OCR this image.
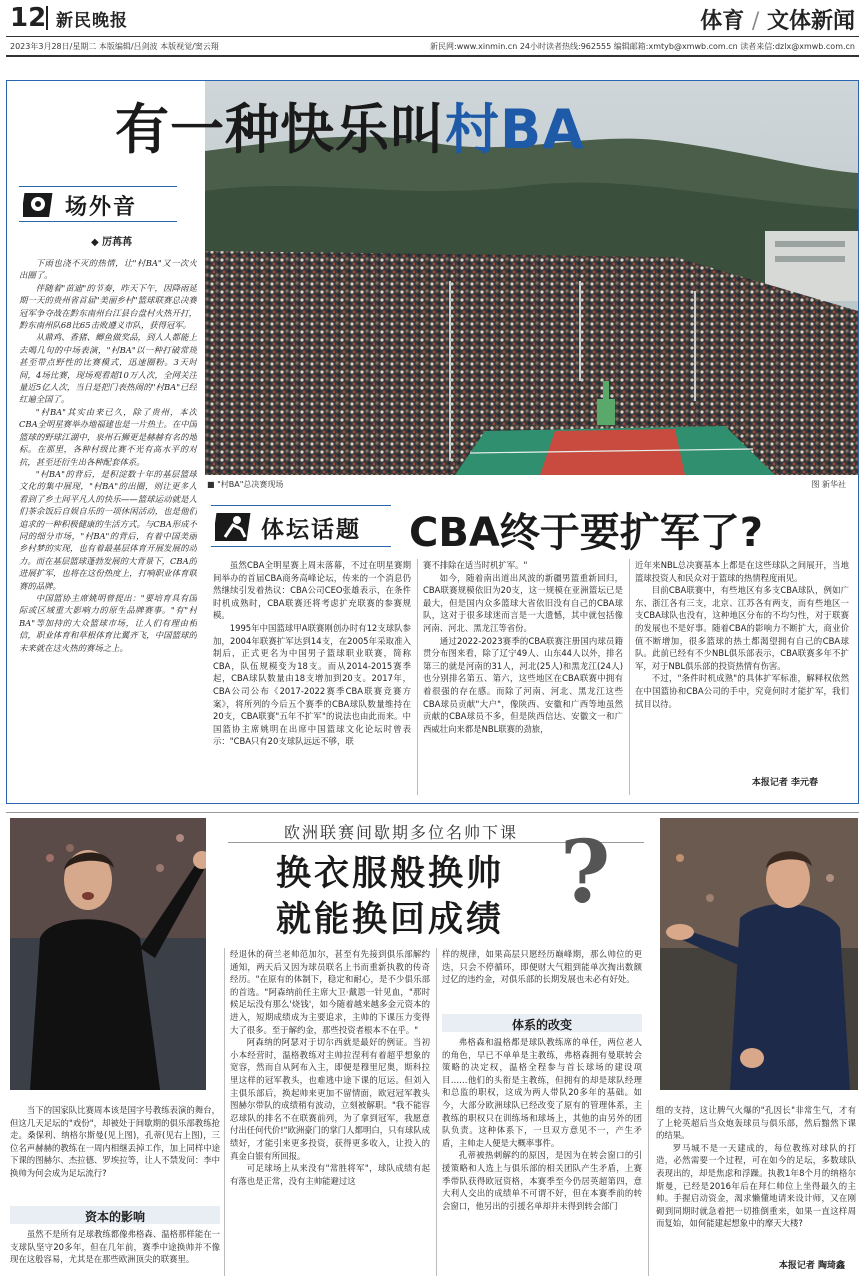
12 新民晚报	体育 / 文体新闻
2023年3月28日/星期二 本版编辑/吕剑波 本版视觉/窦云翔	新民网:www.xinmin.cn 24小时读者热线:962555 编辑邮箱:xmtyb@xmwb.com.cn 读者来信:dzlx@xmwb.com.cn
有一种快乐叫村BA
场外音
◆ 厉苒苒

下雨也浇不灭的热情，让"村BA"又一次火出圈了。

伴随着"苗迪"的节奏，昨天下午，因降雨延期一天的贵州省首届"美丽乡村"篮球联赛总决赛冠军争夺战在黔东南州台江县台盘村火热开打，黔东南州队68比65击败遵义市队，获得冠军。

从鼎鸡、香猪、鲫鱼做奖品，到人人都能上去喝几句的中场表演，"村BA"以一种打破常规甚至带点野性的比赛模式，迅速圈粉。3天时间，4场比赛，现场观看超10万人次，全网关注量近5亿人次，当日是把门表热闹的"村BA"已经红遍全国了。

"村BA"其实由来已久，除了贵州，本次CBA全明星赛举办地福建也是一片热土。在中国篮球的野球江湖中，泉州石狮更是赫赫有名的地标。在那里，各种村级比赛不光有高水平的对抗，甚至还衍生出各种配套体系。

"村BA"的背后，是积淀数十年的基层篮球文化的集中展现，"村BA"的出圈，则让更多人看到了乡土间平凡人的快乐——篮球运动就是人们茶余饭后自娱自乐的一项休闲活动，也是他们追求的一种积极健康的生活方式。与CBA形成不同的细分市场，"村BA"的背后，有着中国美丽乡村梦的实现，也有着最基层体育开展发展的动力。而在基层篮球蓬勃发展的大背景下，CBA的进展扩军，也将在这份热度上，打响职业体育联赛的品牌。

中国篮协主席姚明曾提出："要培育具有国际或区域重大影响力的原生品牌赛事。"有"村BA"等加持的大众篮球市场，让人们有理由相信，职业体育和草根体育比翼齐飞，中国篮球的未来就在这火热的赛场之上。

■ "村BA"总决赛现场	图 新华社
体坛话题 CBA终于要扩军了?

虽然CBA全明星赛上周末落幕，不过在明星赛期间举办的首届CBA商务高峰论坛，传来的一个消息仍然继续引发着热议：CBA公司CEO张雄表示，在条件时机成熟时，CBA联赛还将考虑扩充联赛的参赛规模。

1995年中国篮球甲A联赛刚创办时有12支球队参加，2004年联赛扩军达到14支，在2005年采取准入制后，正式更名为中国男子篮球职业联赛，简称CBA，队伍规模变为18支。而从2014-2015赛季起，CBA球队数量由18支增加到20支。2017年，CBA公司公布《2017-2022赛季CBA联赛竞赛方案》，将所列的今后五个赛季的CBA球队数量维持在20支，CBA联赛"五年不扩军"的说法也由此而来。中国篮协主席姚明在出席中国篮球文化论坛时曾表示："CBA只有20支球队远远不够，联

赛不排除在适当时机扩军。"

如今，随着南出道出风波的新疆男篮重新回归，CBA联赛规模依旧为20支，这一规模在亚洲篮坛已是最大，但是国内众多篮球大省依旧没有自己的CBA球队，这对于很多球迷而言是一大遗憾，其中就包括像河南、河北、黑龙江等省份。

通过2022-2023赛季的CBA联赛注册国内球员籍贯分布图来看，除了辽宁49人、山东44人以外，排名第三的就是河南的31人，河北(25人)和黑龙江(24人)也分别排名第五、第六，这些地区在CBA联赛中拥有着很强的存在感。而除了河南、河北、黑龙江这些CBA球员贡献"大户"，像陕西、安徽和广西等地虽然贡献的CBA球员不多，但是陕西信达、安徽文一和广西威壮向来都是NBL联赛的劲旅，

近年来NBL总决赛基本上都是在这些球队之间展开，当地篮球投资人和民众对于篮球的热情程度雨见。

目前CBA联赛中，有些地区有多支CBA球队，例如广东、浙江各有三支，北京、江苏各有两支，而有些地区一支CBA球队也没有，这种地区分布的不均匀性，对于联赛的发展也不是好事。随着CBA的影响力不断扩大，商业价值不断增加，很多篮球的热土都渴望拥有自己的CBA球队。此前已经有不少NBL俱乐部表示，CBA联赛多年不扩军，对于NBL俱乐部的投资热情有伤害。

不过，"条件时机成熟"的具体扩军标准，解释权依然在中国篮协和CBA公司的手中，究竟何时才能扩军，我们拭目以待。

本报记者 李元春
欧洲联赛间歇期多位名帅下课
换衣服般换帅
就能换回成绩 ?

经退休的荷兰老帅范加尔，甚至有先接到俱乐部解约通知，两天后又因为球员联名上书而重新执教的传奇经历。"在原有的体制下，稳定和耐心，是不少俱乐部的首选。"阿森纳前任主席大卫·戴恩一针见血，"那时候足坛没有那么'烧钱'，如今随着越来越多金元资本的进入，短期成绩成为主要追求，主帅的下课压力变得大了很多。至于解约金，那些投资者根本不在乎。"

阿森纳的阿瑟对于切尔西就是最好的例证。当初小本经营时，温格教练对主帅拉涅利有着超乎想象的宽容，然而自从阿布入主，即便是穆里尼奥，斯科拉里这样的冠军教头，也难逃中途下课的厄运。但刘入主俱乐部后，换起帅来更加不留情面，欧冠冠军教头图赫尔带队的成绩稍有波动，立刻被解职。"我不能容忍球队的排名不在联赛前列，为了拿到冠军，我愿意付出任何代价!"欧洲豪门的掌门人都明白，只有球队成绩好，才能引来更多投资，获得更多收入，让投入的真金白银有所回报。

可足球场上从来没有"常胜将军"，球队成绩有起有落也是正常，没有主帅能避过这

样的规律，如果高层只愿经历巅峰期，那么帅位的更迭，只会不停循环，即便财大气粗到能单次掏出数额过亿的违约金，对俱乐部的长期发展也未必有好处。

体系的改变

弗格森和温格都是球队教练席的单任，两位老人的角色，早已不单单是主教练，弗格森拥有曼联转会策略的决定权，温格全程参与首长球场的建设项目……他们的头衔是主教练，但拥有的却是球队经理和总监的职权，这成为两人带队20多年的基础。如今，大部分欧洲球队已经改变了原有的管理体系，主教练的职权只在训练场和球场上，其他的由另外的团队负责。这种体系下，一旦双方意见不一，产生矛盾，主帅走人便是大概率事件。

孔蒂被热刺解约的原因，是因为在转会窗口的引援策略和人选上与俱乐部的相关团队产生矛盾，上赛季带队获得欧冠资格，本赛季至今仍居英超第四，意大利人交出的成绩单不可谓不好，但在本赛季前的转会窗口，他另出的引援名单却并未得到转会部门

当下的国家队比赛周本该是国字号教练表演的舞台，但这几天足坛的"戏份"，却被处于间歇期的俱乐部教练抢走。桑保利、纳格尔斯曼(见上图)，孔蒂(见右上图)，三位名声赫赫的教练在一周内相继丢掉工作，加上同样中途下课的图赫尔、杰拉德、罗埃拉等，让人不禁发问：李中换帅为何会成为足坛流行?

资本的影响

虽然不是所有足球教练都像弗格森、温格那样能在一支球队坚守20多年，但在几年前，赛季中途换帅并不像现在这般容易，尤其是在那些欧洲顶尖的联赛里。

组的支持，这让脾气火爆的"孔因长"非常生气，才有了上轮英超后当众炮轰球员与俱乐部，然后黯然下课的结果。

罗马城不是一天建成的，每位教练对球队的打造，必然需要一个过程，可在如今的足坛，多数球队表现出的，却是焦虑和浮躁。执教1年8个月的纳格尔斯曼，已经是2016年后在拜仁帅位上坐得最久的主帅。手握启动资金，渴求懒懂地请来设计师，又在刚砌到同期时就急着把一切推倒重来，如果一直这样周而复始，如何能建起想象中的摩天大楼?

本报记者 陶琦鑫
